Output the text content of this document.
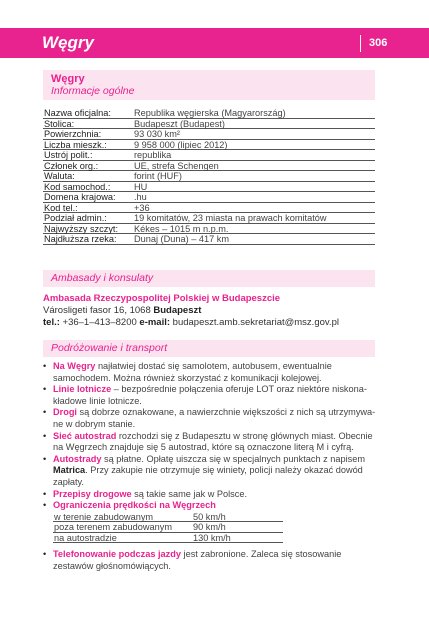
Węgry	306
Węgry
Informacje ogólne
Nazwa oficjalna:	Republika węgierska (Magyarország)
Stolica:	Budapeszt (Budapest)
Powierzchnia:	93 030 km²
Liczba mieszk.:	9 958 000 (lipiec 2012)
Ustrój polit.:	republika
Członek org.:	UE, strefa Schengen
Waluta:	forint (HUF)
Kod samochod.:	HU
Domena krajowa: .hu
Kod tel.:	+36
Podział admin.:	19 komitatów, 23 miasta na prawach komitatów
Najwyższy szczyt: Kékes – 1015 m n.p.m.
Najdłuższa rzeka: Dunaj (Duna) – 417 km
Ambasady i konsulaty
Ambasada Rzeczypospolitej Polskiej w Budapeszcie
Városligeti fasor 16, 1068 Budapeszt
tel.: +36–1–413–8200 e-mail: budapeszt.amb.sekretariat@msz.gov.pl
Podróżowanie i transport
• Na Węgry najłatwiej dostać się samolotem, autobusem, ewentualnie samochodem. Można również skorzystać z komunikacji kolejowej.
• Linie lotnicze – bezpośrednie połączenia oferuje LOT oraz niektóre niskona-kładowe linie lotnicze.
• Drogi są dobrze oznakowane, a nawierzchnie większości z nich są utrzymywa-ne w dobrym stanie.
• Sieć autostrad rozchodzi się z Budapesztu w stronę głównych miast. Obecnie na Węgrzech znajduje się 5 autostrad, które są oznaczone literą M i cyfrą.
• Autostrady są płatne. Opłatę uiszcza się w specjalnych punktach z napisem Matrica. Przy zakupie nie otrzymuje się winiety, policji należy okazać dowód zapłaty.
• Przepisy drogowe są takie same jak w Polsce.
• Ograniczenia prędkości na Węgrzech
w terenie zabudowanym	50 km/h
poza terenem zabudowanym 90 km/h
na autostradzie	130 km/h
• Telefonowanie podczas jazdy jest zabronione. Zaleca się stosowanie zestawów głośnomówiących.
